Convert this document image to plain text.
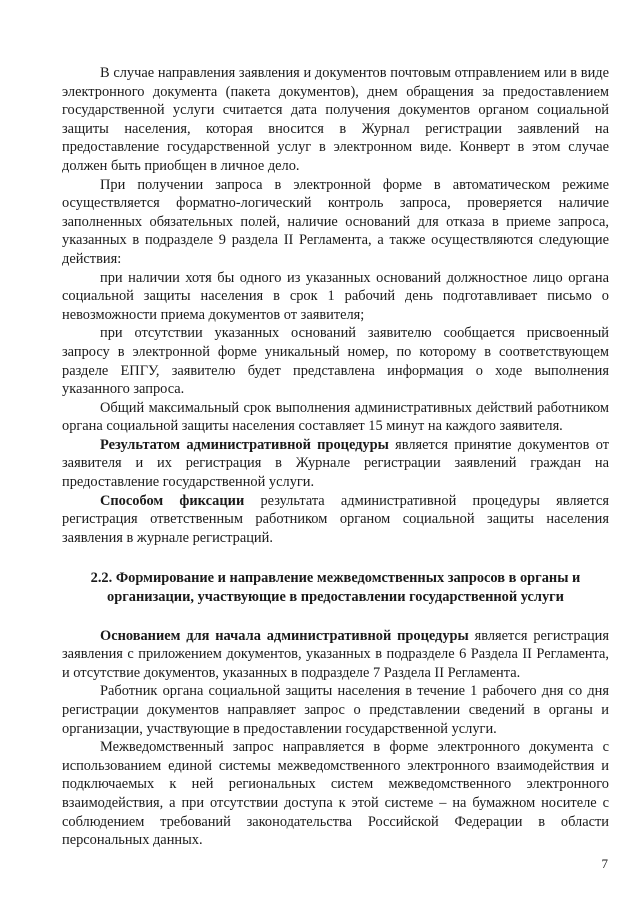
В случае направления заявления и документов почтовым отправлением или в виде электронного документа (пакета документов), днем обращения за предоставлением государственной услуги считается дата получения документов органом социальной защиты населения, которая вносится в Журнал регистрации заявлений на предоставление государственной услуг в электронном виде. Конверт в этом случае должен быть приобщен в личное дело.

При получении запроса в электронной форме в автоматическом режиме осуществляется форматно-логический контроль запроса, проверяется наличие заполненных обязательных полей, наличие оснований для отказа в приеме запроса, указанных в подразделе 9 раздела II Регламента, а также осуществляются следующие действия:

при наличии хотя бы одного из указанных оснований должностное лицо органа социальной защиты населения в срок 1 рабочий день подготавливает письмо о невозможности приема документов от заявителя;

при отсутствии указанных оснований заявителю сообщается присвоенный запросу в электронной форме уникальный номер, по которому в соответствующем разделе ЕПГУ, заявителю будет представлена информация о ходе выполнения указанного запроса.

Общий максимальный срок выполнения административных действий работником органа социальной защиты населения составляет 15 минут на каждого заявителя.

Результатом административной процедуры является принятие документов от заявителя и их регистрация в Журнале регистрации заявлений граждан на предоставление государственной услуги.

Способом фиксации результата административной процедуры является регистрация ответственным работником органом социальной защиты населения заявления в журнале регистраций.

2.2. Формирование и направление межведомственных запросов в органы и
организации, участвующие в предоставлении государственной услуги

Основанием для начала административной процедуры является регистрация заявления с приложением документов, указанных в подразделе 6 Раздела II Регламента, и отсутствие документов, указанных в подразделе 7 Раздела II Регламента.

Работник органа социальной защиты населения в течение 1 рабочего дня со дня регистрации документов направляет запрос о представлении сведений в органы и организации, участвующие в предоставлении государственной услуги.

Межведомственный запрос направляется в форме электронного документа с использованием единой системы межведомственного электронного взаимодействия и подключаемых к ней региональных систем межведомственного электронного взаимодействия, а при отсутствии доступа к этой системе – на бумажном носителе с соблюдением требований законодательства Российской Федерации в области персональных данных.

7
